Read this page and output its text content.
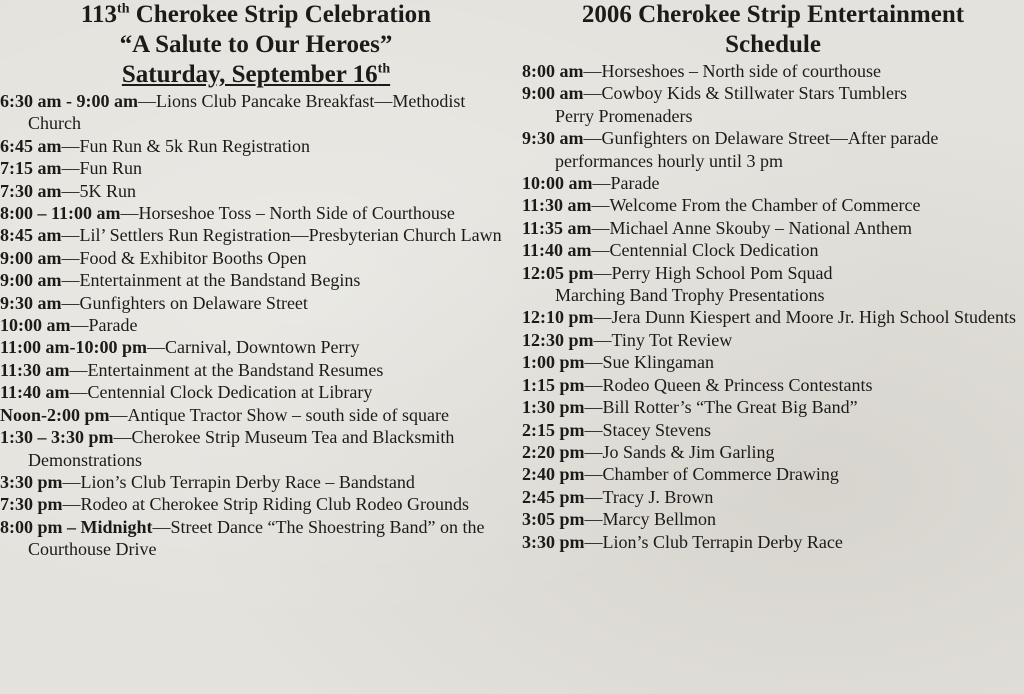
113th Cherokee Strip Celebration
“A Salute to Our Heroes”
Saturday, September 16th
6:30 am - 9:00 am—Lions Club Pancake Breakfast—Methodist Church
6:45 am—Fun Run & 5k Run Registration
7:15 am—Fun Run
7:30 am—5K Run
8:00 – 11:00 am—Horseshoe Toss – North Side of Courthouse
8:45 am—Lil’ Settlers Run Registration—Presbyterian Church Lawn
9:00 am—Food & Exhibitor Booths Open
9:00 am—Entertainment at the Bandstand Begins
9:30 am—Gunfighters on Delaware Street
10:00 am—Parade
11:00 am-10:00 pm—Carnival, Downtown Perry
11:30 am—Entertainment at the Bandstand Resumes
11:40 am—Centennial Clock Dedication at Library
Noon-2:00 pm—Antique Tractor Show – south side of square
1:30 – 3:30 pm—Cherokee Strip Museum Tea and Blacksmith Demonstrations
3:30 pm—Lion’s Club Terrapin Derby Race – Bandstand
7:30 pm—Rodeo at Cherokee Strip Riding Club Rodeo Grounds
8:00 pm – Midnight—Street Dance “The Shoestring Band” on the Courthouse Drive
2006 Cherokee Strip Entertainment
Schedule
8:00 am—Horseshoes – North side of courthouse
9:00 am—Cowboy Kids & Stillwater Stars Tumblers
Perry Promenaders
9:30 am—Gunfighters on Delaware Street—After parade performances hourly until 3 pm
10:00 am—Parade
11:30 am—Welcome From the Chamber of Commerce
11:35 am—Michael Anne Skouby – National Anthem
11:40 am—Centennial Clock Dedication
12:05 pm—Perry High School Pom Squad
Marching Band Trophy Presentations
12:10 pm—Jera Dunn Kiespert and Moore Jr. High School Students
12:30 pm—Tiny Tot Review
1:00 pm—Sue Klingaman
1:15 pm—Rodeo Queen & Princess Contestants
1:30 pm—Bill Rotter’s “The Great Big Band”
2:15 pm—Stacey Stevens
2:20 pm—Jo Sands & Jim Garling
2:40 pm—Chamber of Commerce Drawing
2:45 pm—Tracy J. Brown
3:05 pm—Marcy Bellmon
3:30 pm—Lion’s Club Terrapin Derby Race
